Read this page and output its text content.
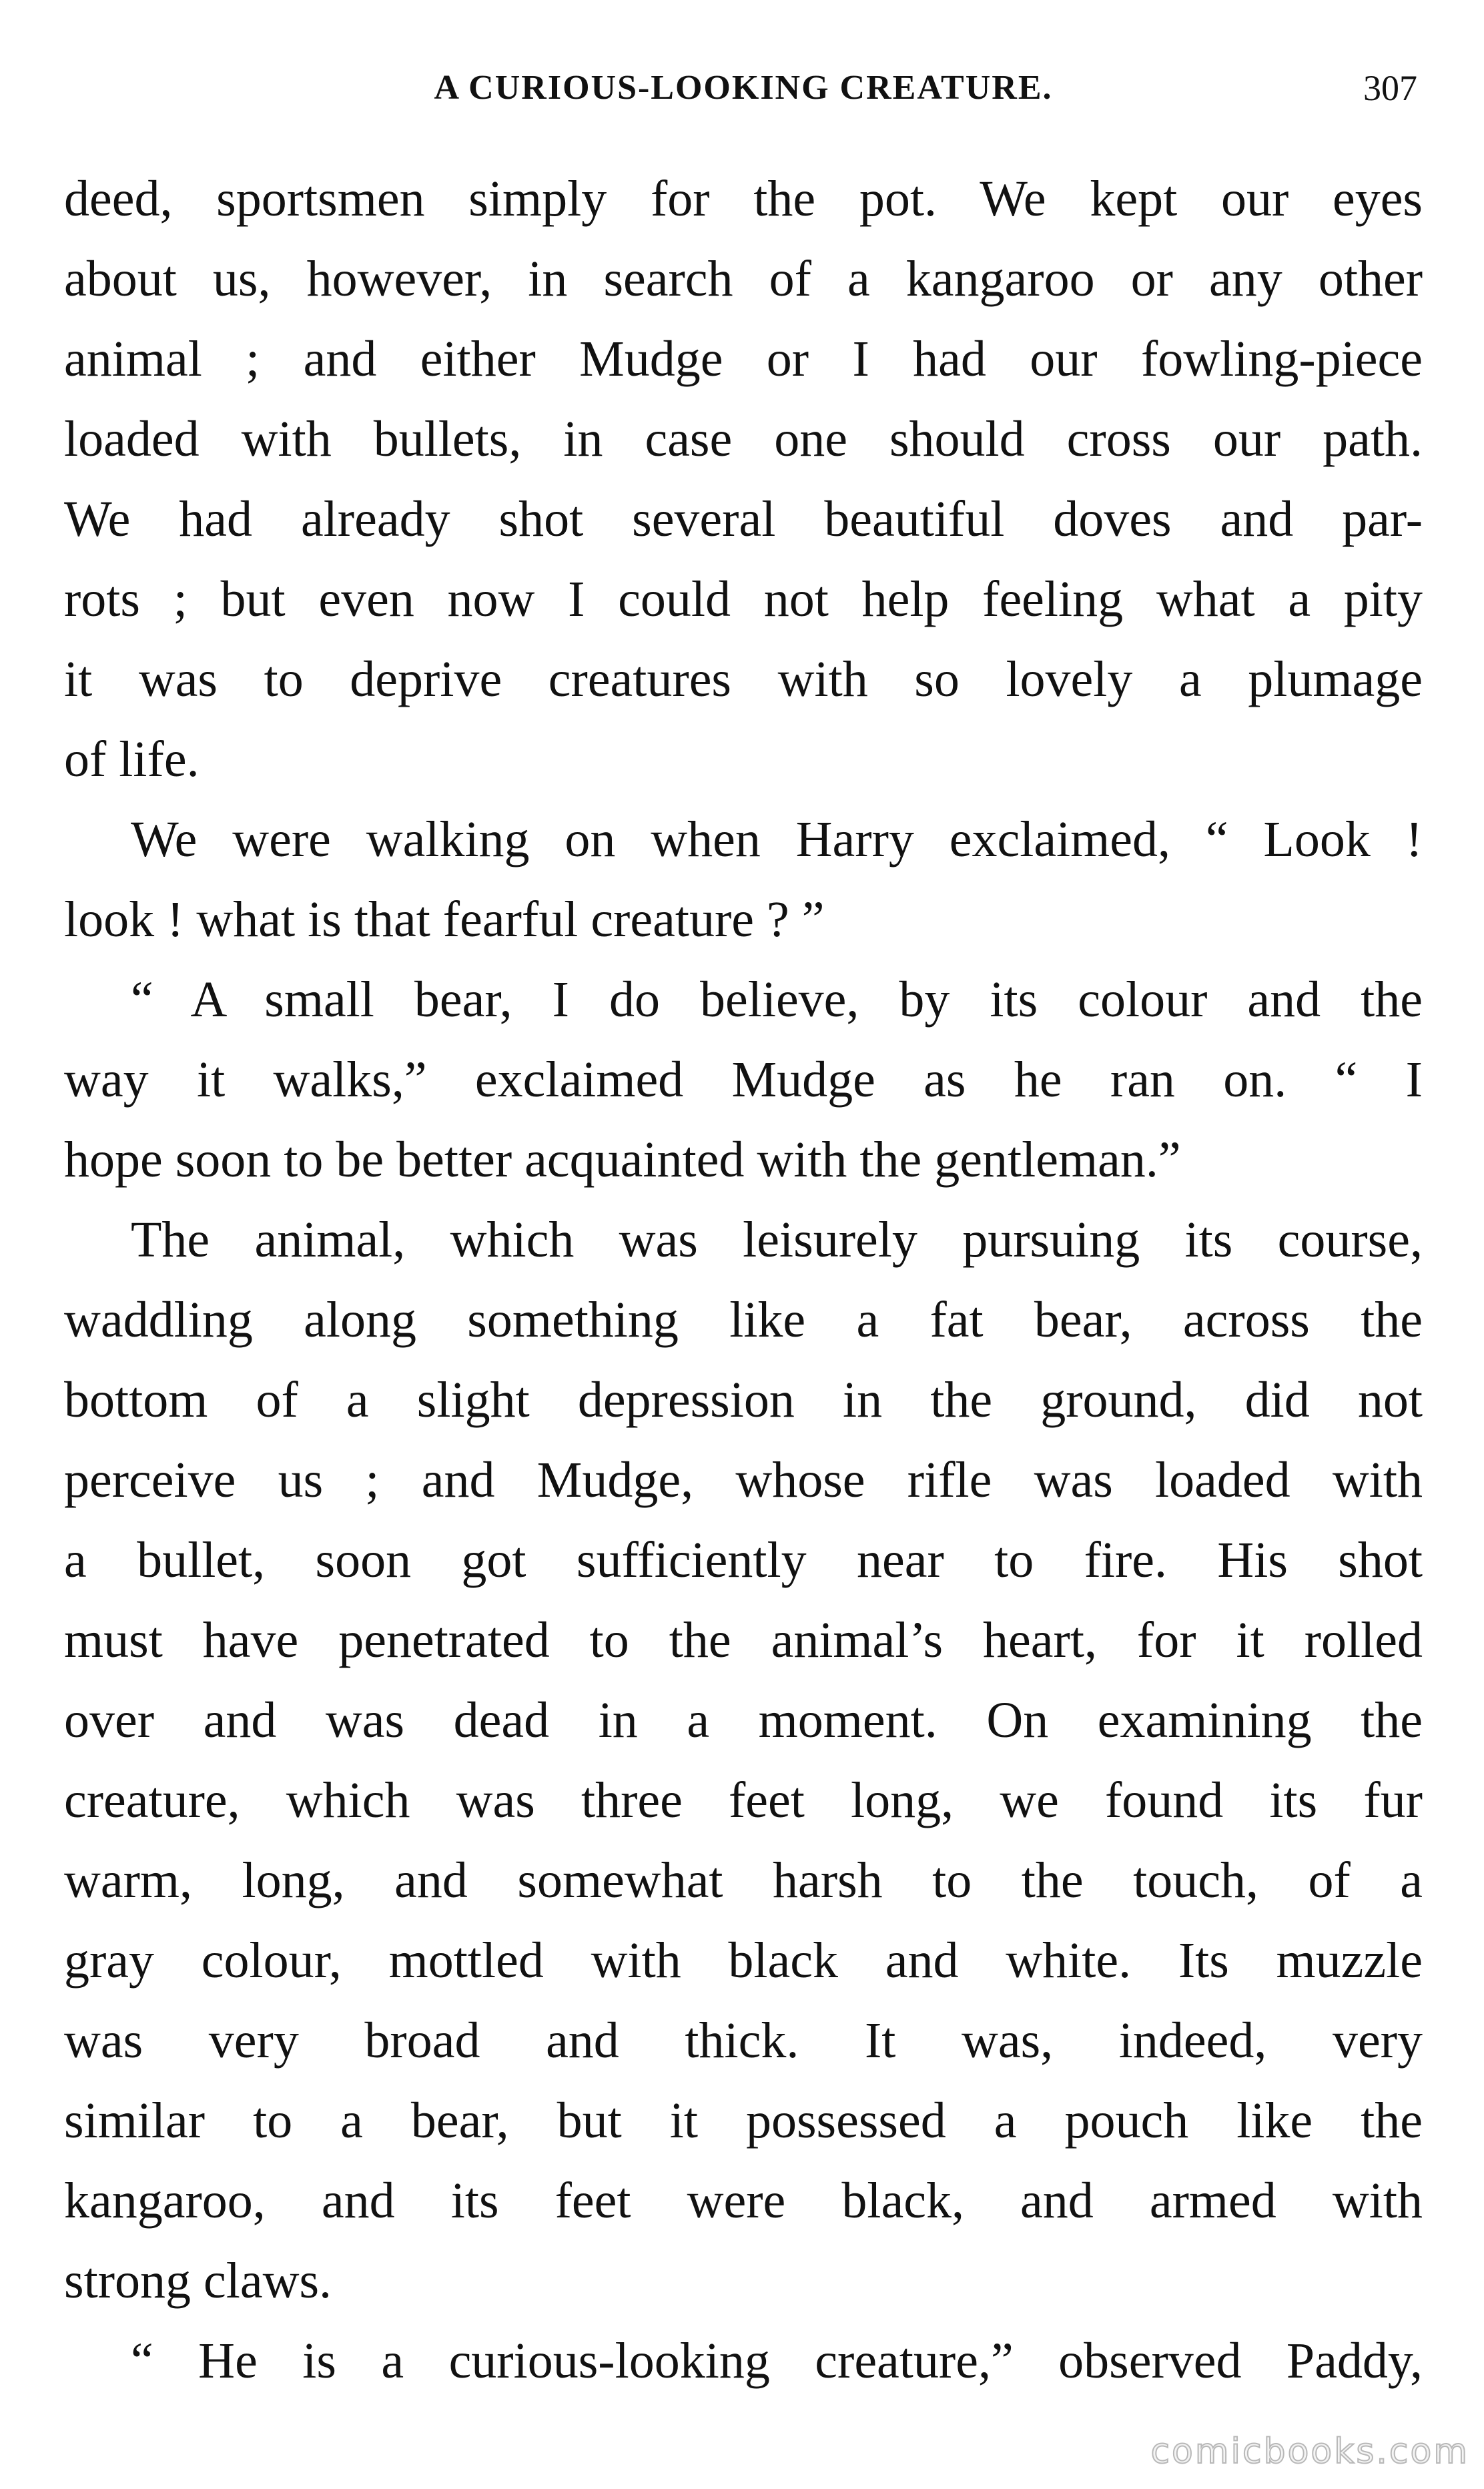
A CURIOUS-LOOKING CREATURE.	307
deed, sportsmen simply for the pot. We kept our eyes
about us, however, in search of a kangaroo or any other
animal ; and either Mudge or I had our fowling-piece
loaded with bullets, in case one should cross our path.
We had already shot several beautiful doves and par-
rots ; but even now I could not help feeling what a pity
it was to deprive creatures with so lovely a plumage
of life.
We were walking on when Harry exclaimed, “ Look !
look ! what is that fearful creature ? ”
“ A small bear, I do believe, by its colour and the
way it walks,” exclaimed Mudge as he ran on. “ I
hope soon to be better acquainted with the gentleman.”
The animal, which was leisurely pursuing its course,
waddling along something like a fat bear, across the
bottom of a slight depression in the ground, did not
perceive us ; and Mudge, whose rifle was loaded with
a bullet, soon got sufficiently near to fire. His shot
must have penetrated to the animal’s heart, for it rolled
over and was dead in a moment. On examining the
creature, which was three feet long, we found its fur
warm, long, and somewhat harsh to the touch, of a
gray colour, mottled with black and white. Its muzzle
was very broad and thick. It was, indeed, very
similar to a bear, but it possessed a pouch like the
kangaroo, and its feet were black, and armed with
strong claws.
“ He is a curious-looking creature,” observed Paddy,
comicbooks.com
